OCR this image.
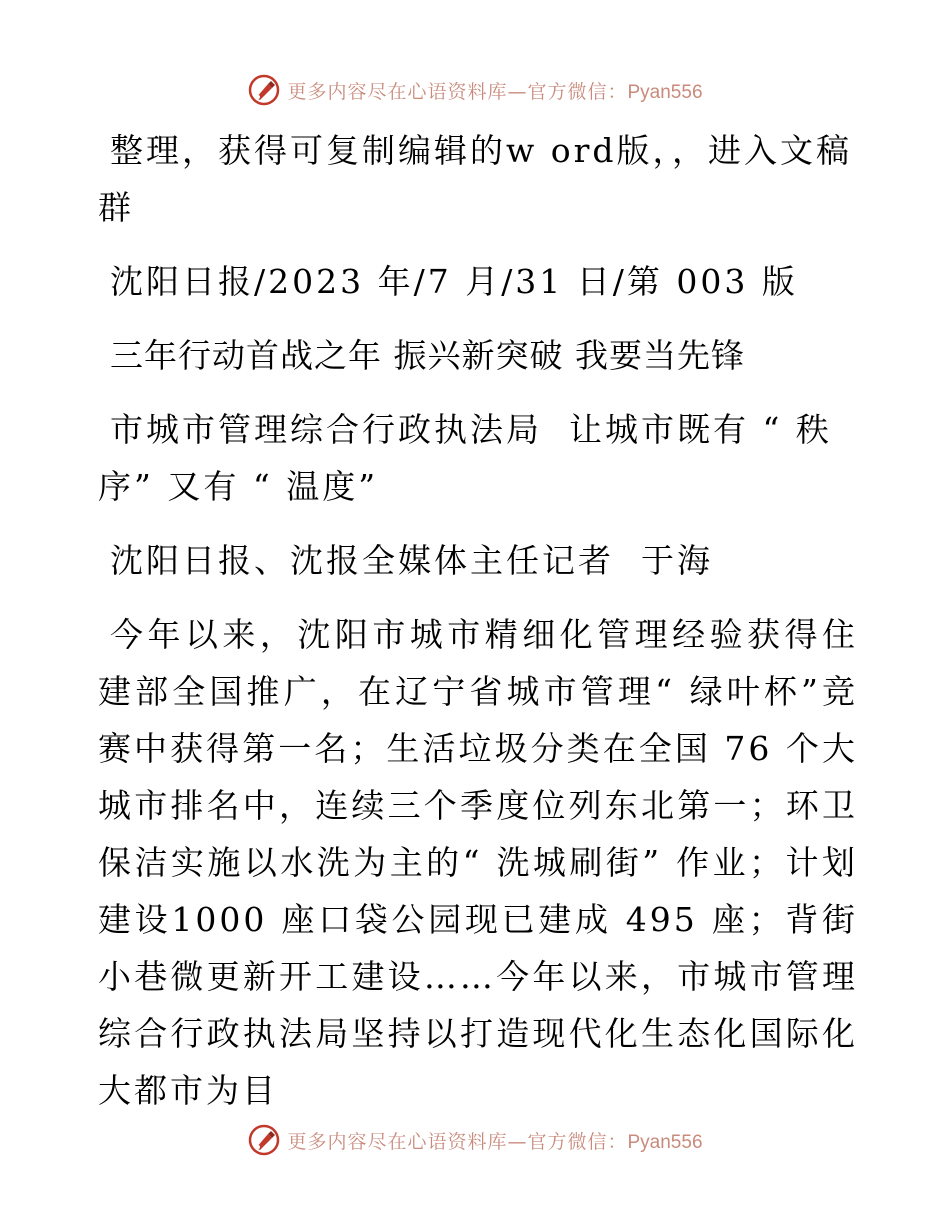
更多内容尽在心语资料库—官方微信：Pyan556

整理，获得可复制编辑的w ord版，，进入文稿群

沈阳日报/2023 年/7 月/31 日/第 003 版

三年行动首战之年 振兴新突破 我要当先锋

市城市管理综合行政执法局  让城市既有 “ 秩序” 又有 “ 温度”

沈阳日报、沈报全媒体主任记者  于海

今年以来，沈阳市城市精细化管理经验获得住建部全国推广，在辽宁省城市管理“ 绿叶杯”竞赛中获得第一名；生活垃圾分类在全国 76 个大城市排名中，连续三个季度位列东北第一；环卫保洁实施以水洗为主的“ 洗城刷街” 作业；计划建设1000 座口袋公园现已建成 495 座；背街小巷微更新开工建设……今年以来，市城市管理综合行政执法局坚持以打造现代化生态化国际化大都市为目

更多内容尽在心语资料库—官方微信：Pyan556
